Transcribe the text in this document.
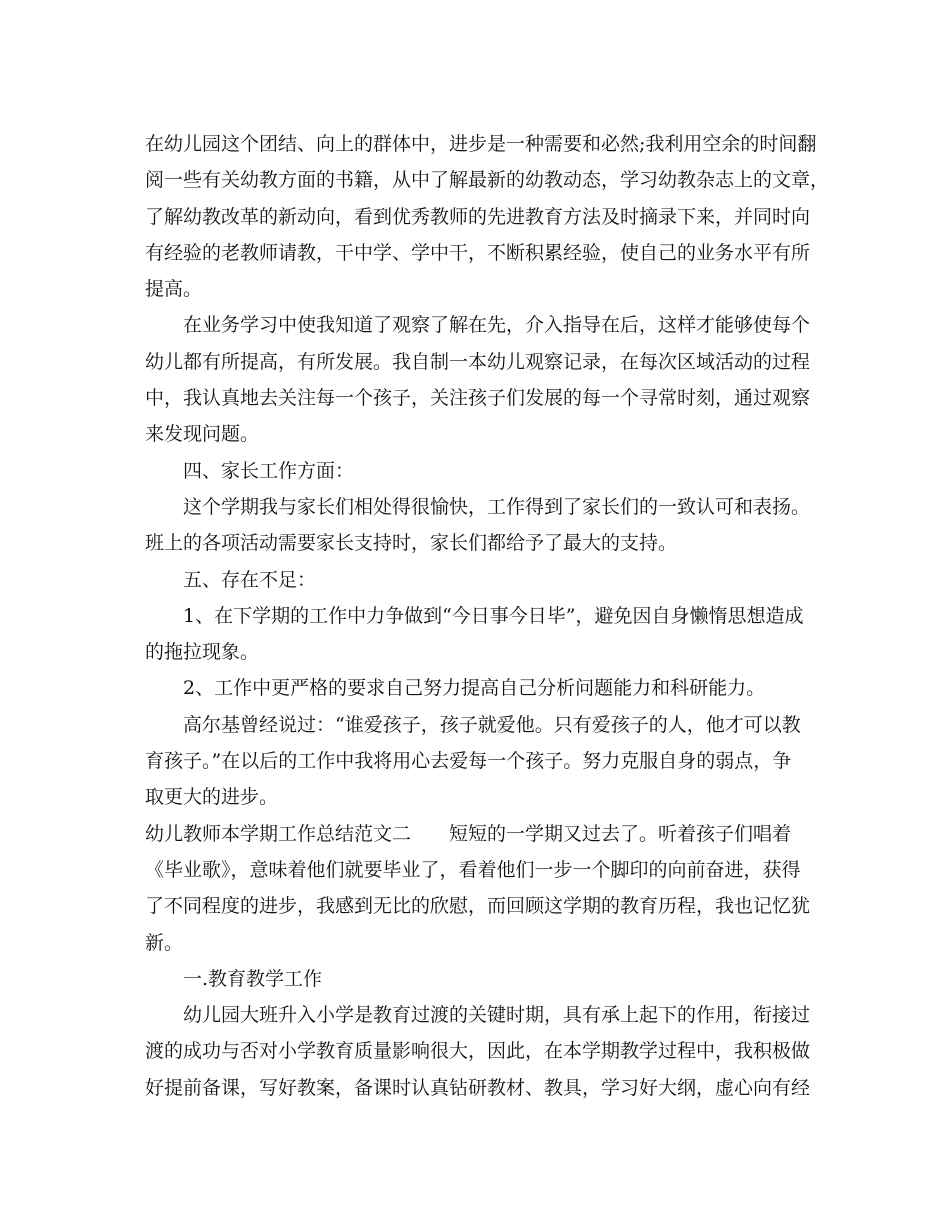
在幼儿园这个团结、向上的群体中，进步是一种需要和必然;我利用空余的时间翻
阅一些有关幼教方面的书籍，从中了解最新的幼教动态，学习幼教杂志上的文章，
了解幼教改革的新动向，看到优秀教师的先进教育方法及时摘录下来，并同时向
有经验的老教师请教，干中学、学中干，不断积累经验，使自己的业务水平有所
提高。
在业务学习中使我知道了观察了解在先，介入指导在后，这样才能够使每个
幼儿都有所提高，有所发展。我自制一本幼儿观察记录，在每次区域活动的过程
中，我认真地去关注每一个孩子，关注孩子们发展的每一个寻常时刻，通过观察
来发现问题。
四、家长工作方面：
这个学期我与家长们相处得很愉快，工作得到了家长们的一致认可和表扬。
班上的各项活动需要家长支持时，家长们都给予了最大的支持。
五、存在不足：
1、在下学期的工作中力争做到“今日事今日毕”，避免因自身懒惰思想造成
的拖拉现象。
2、工作中更严格的要求自己努力提高自己分析问题能力和科研能力。
高尔基曾经说过：“谁爱孩子，孩子就爱他。只有爱孩子的人，他才可以教
育孩子。”在以后的工作中我将用心去爱每一个孩子。努力克服自身的弱点，争
取更大的进步。
幼儿教师本学期工作总结范文二　　短短的一学期又过去了。听着孩子们唱着
《毕业歌》，意味着他们就要毕业了，看着他们一步一个脚印的向前奋进，获得
了不同程度的进步，我感到无比的欣慰，而回顾这学期的教育历程，我也记忆犹
新。
一.教育教学工作
幼儿园大班升入小学是教育过渡的关键时期，具有承上起下的作用，衔接过
渡的成功与否对小学教育质量影响很大，因此，在本学期教学过程中，我积极做
好提前备课，写好教案，备课时认真钻研教材、教具，学习好大纲，虚心向有经
